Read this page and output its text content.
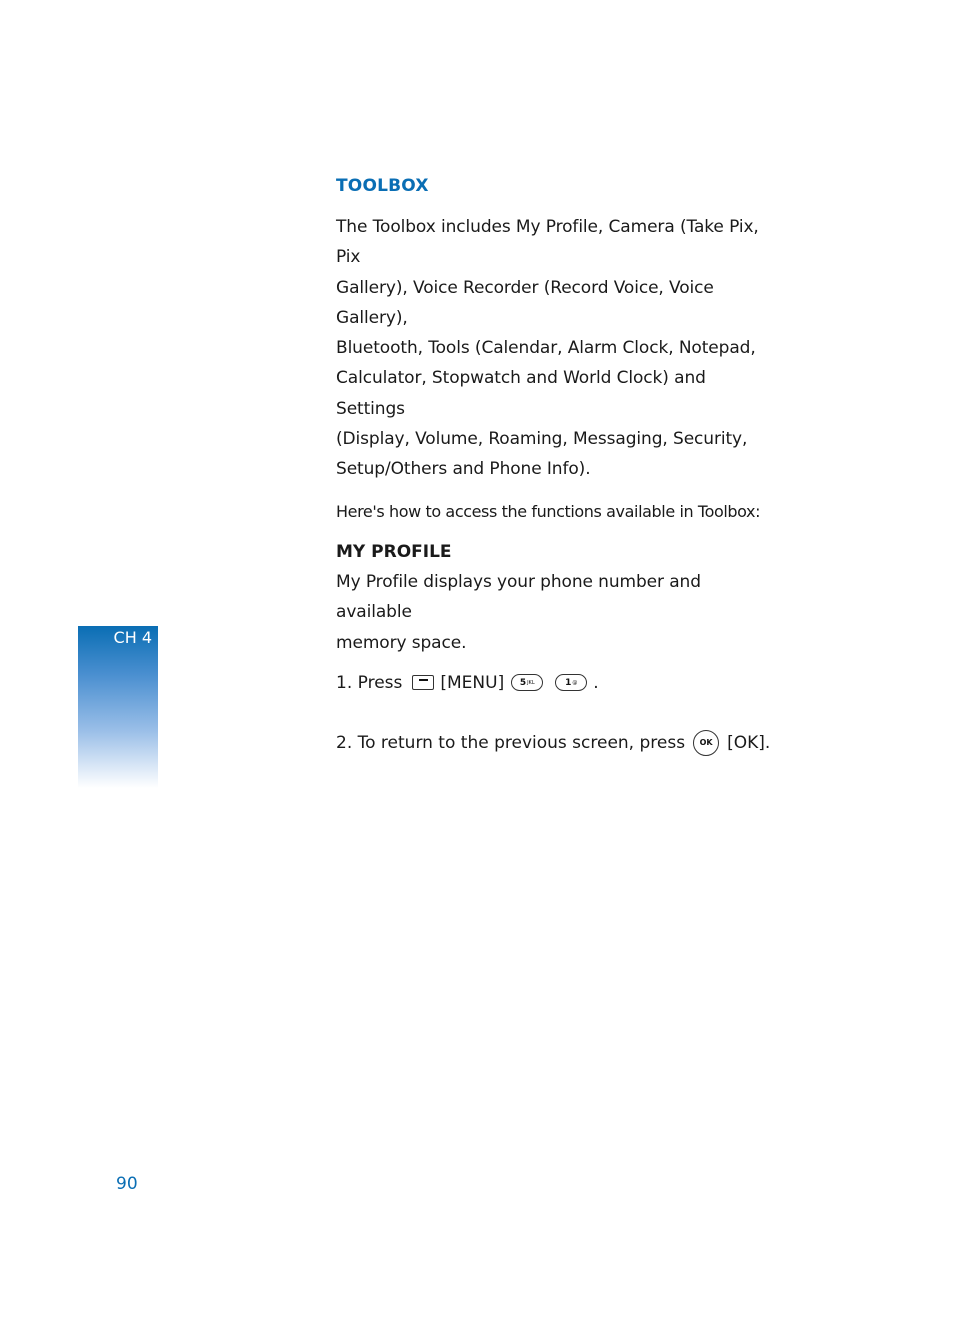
TOOLBOX

The Toolbox includes My Profile, Camera (Take Pix, Pix
Gallery), Voice Recorder (Record Voice, Voice Gallery),
Bluetooth, Tools (Calendar, Alarm Clock, Notepad,
Calculator, Stopwatch and World Clock) and Settings
(Display, Volume, Roaming, Messaging, Security,
Setup/Others and Phone Info).

Here's how to access the functions available in Toolbox:

MY PROFILE

My Profile displays your phone number and available
memory space.

1. Press [MENU] 5 JKL	1 @ .
2. To return to the previous screen, press	OK [OK].
CH 4
90
